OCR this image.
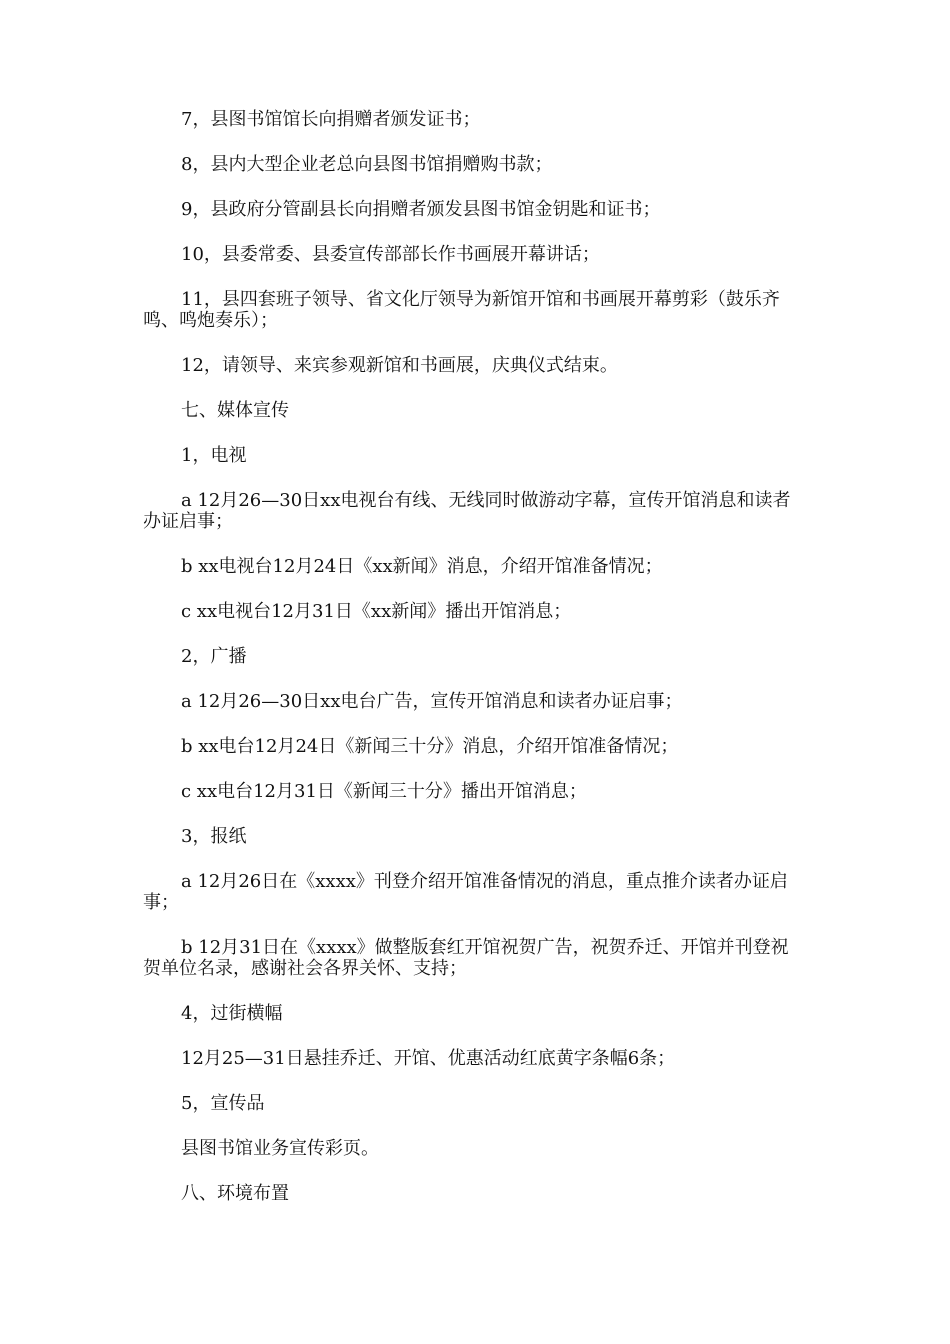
7，县图书馆馆长向捐赠者颁发证书；

8，县内大型企业老总向县图书馆捐赠购书款；

9，县政府分管副县长向捐赠者颁发县图书馆金钥匙和证书；

10，县委常委、县委宣传部部长作书画展开幕讲话；

11，县四套班子领导、省文化厅领导为新馆开馆和书画展开幕剪彩（鼓乐齐鸣、鸣炮奏乐）；

12，请领导、来宾参观新馆和书画展，庆典仪式结束。

七、媒体宣传

1，电视

a 12月26—30日xx电视台有线、无线同时做游动字幕，宣传开馆消息和读者办证启事；

b xx电视台12月24日《xx新闻》消息，介绍开馆准备情况；

c xx电视台12月31日《xx新闻》播出开馆消息；

2，广播

a 12月26—30日xx电台广告，宣传开馆消息和读者办证启事；

b xx电台12月24日《新闻三十分》消息，介绍开馆准备情况；

c xx电台12月31日《新闻三十分》播出开馆消息；

3，报纸

a 12月26日在《xxxx》刊登介绍开馆准备情况的消息，重点推介读者办证启事；

b 12月31日在《xxxx》做整版套红开馆祝贺广告，祝贺乔迁、开馆并刊登祝贺单位名录，感谢社会各界关怀、支持；

4，过街横幅

12月25—31日悬挂乔迁、开馆、优惠活动红底黄字条幅6条；

5，宣传品

县图书馆业务宣传彩页。

八、环境布置
